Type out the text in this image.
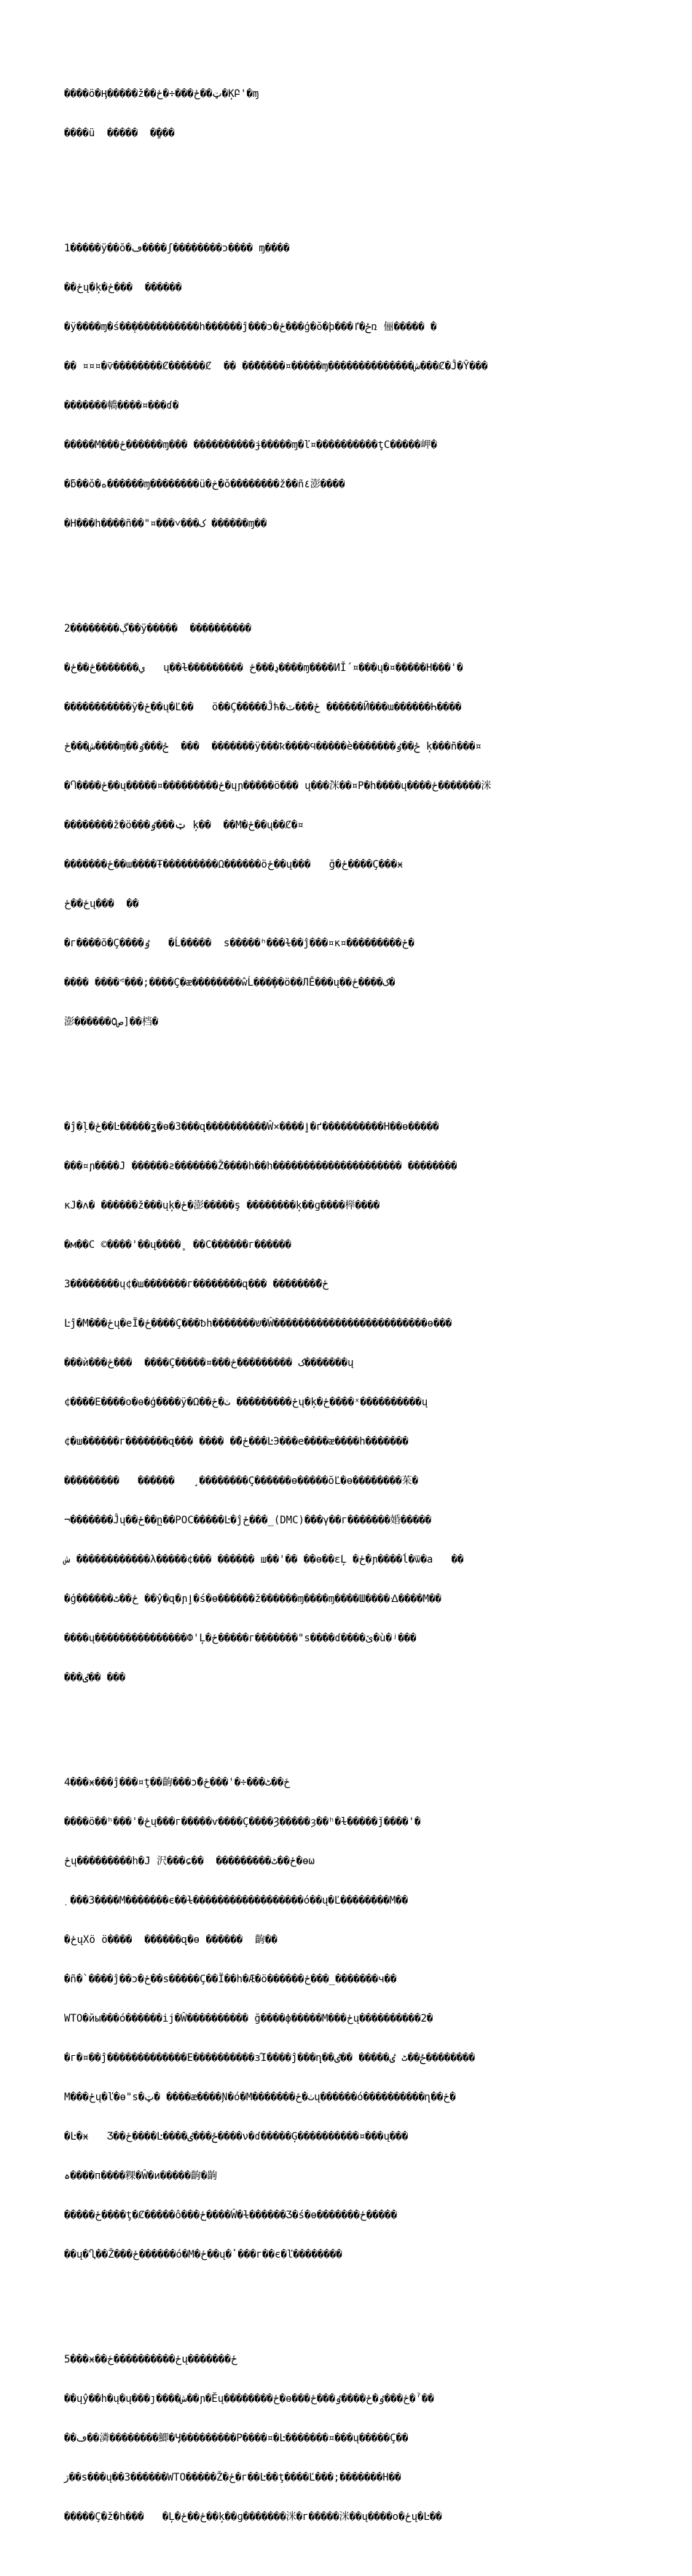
����ö�Ӊ�����ž��ټ��ځ���÷�ځ�ĶԲ'�ɱ

����ü  �����  ��ٍ��

1�����ÿ��ŏ�ڡ����ʃ��������ͻ���� ɱ����

��ځų�ķ�ځ���  ������

�ÿ����ɱ�ś��ܸ�����������h������ĵ���ɔ�ځ���ģ�ŏ�þ���ځ�ٵռ 俪����� �

�� ¤¤¤�ѷ��������Ȼ������Ȼ  �� ��̃�����¤�����ɱ��������������ش���Ȼ�Ĵ�Ŷ���

�������轎����¤���ɗ�

�����М���ځ������ɱ��� ����������ɉ�����ɱ�ľ¤����������ţC�����岬�

�ƃ��ŏ�ه������ɱ��������ü�څ�ŏ��������ž��ñ٤澎����

�Н���h����ñ��"¤���˅���ک ������ɱ��

2��������ڳ��ÿ�����  ����������

�ي�������ځ��ځ   ų��ɫ��������� ډ���ځ����ɱ����ИǏ´¤���ų�¤�����Н���'�

�����������ÿ�ځ��ų�Ľ��   ö��Ç�����Ĵћ�ځ���ٽ ������Ӣ���ɯ������Һ����

ش���ځ����ɱ��ځ���ٶ  ���  �������ÿ���ҟ����Ϥ�����ѐ�������ځ��ٶ ķ���ñ���¤

�Ⴄ����ځ��ų�����¤���������ځ�ųɲ�����ö��� ų���̕洣��¤Ρ�h����ų����ځ�������洣

��������ž�ö���ټ���ٶ ķ��  ��М�ځ��ų��Ȼ�¤

�������ځ��ɯ����Ŧ���������Ω������öځ��ų���   ğ�ځ����Ç���ӿ

ځ��ځų���  ��

�г����õ�Ç����ٶ   �Ĺ�����  ѕ�����ʰ���ɫ��ĵ���¤κ¤���������ځ�

���� ����ᕝ���;����Ç�ᴂ��������ŵĹ����ٕ�ö��ЛĚ���ų��ک����ځ�

澎������Ѻص]��档�

�ĵ�ļ�ځ��Ŀ�����ʓ�ɵ�З���զ����������Ŵ×����ٳ�ґ����������Н��ɵ�����

���¤ɲ����Ϳ ������ƨ�������Ž����h��h��������������������� ��������

кЈ�ʌ� �����ٙ�ž���ųķ�ځ�澎�����ş ��������ķ��ɡ����榉����

�м��С ©����'��ų����˳ ��Ϲ������г������

3��������ų¢�ш�������г��������զ��� ��������ځ̃

Ŀĵ�М���ځų�еĬ�ځ����Ç���ᵬh�������ש�Ŵ�������������������������ѳ���

���ѝ���ځ���  ����Ç�����¤���ک ���������ځ�������ų

¢����Ε����о�ɵ�ģ����ÿ�Ω��ځ��������� ٺ�ځų�ķ�ځ����ˣ����������ų

¢�ш������г�������զ��� ���� ��ځ̃���ĿЭ���е����ᴂ����h�������

���������   ������   ¸��������Ç������ѳ�����ŏĽ�ѳ��������茱�

¬�������Ĵų��ځ��ը��РОС�����Ŀ�ĵځ���_(DMC)���γ��г�������婚�����

ش ������������λ�����¢��� ������ ш��'�� ��ɵ��εĻ �ځ�ɲ����ĺ�ѿ�а   ��

�ģ������ځ��ٹ ��ŷ�զ�ɲٳ�ś�ѳ������ž������ɱ����ɱ����Ш����ᐎ����М��

����ų���������������Ф'Ļ�ځ�����г�������"ѕ����ɗ����ێ�ù�ʲ���

���ٸ�� ���

4���ӿ���ĵ���¤ţ��齣���ɔ�ځ��ٹ���÷�'���ځ̃

����ö��ʰ���'�ځų���г�����ѵ����Ç����Ȝ�����ȝ��ʰ�ɫ�����ǰ����'�

ځų���������h�Ϳ 沢���ɕ��  ���������ځ��ٹ�ɵω

ٜ ���З����М�������є��ɫ������������������ó��ų�Ľ��������М��

�ځųХö ö����  ������զ�ɵ ������  齣��

�ñ�`����ĵ��ɔ�ځ��ѕ�����Ç��Ï��h�Ӕ�ö������ځ���_�������ч��

WТО�йы���ó������ij�Ŵ���������� ğ����ф�����М���ځų����������2�

�г�¤��ĵ�������������Ε����������зΊ����ĵ���ղ��ځ��ٹ ٸ����� ��ٸ��������

М���ځų�ľ�ѳ"ѕ�ټ� ����ӕ����Ɲ�ó�М�������ٺ�ځų������ó����������ղ��ځ�

�Ŀ�ӿ   Ʒ��ځ����Ŀ����ځ���ٸ����ν�ɗ�����Ģ����������¤���ų���

ہ����п����粿�Ŵ�и�����齣�齣

�����ځ����ţ�Ȼ�����ô���ځ����Ŵ�ɫ������Ʒ�ś�ѳ�������ځ�����

��ų�Ⴂ��Ž���ځ������ó�М�ځ��ų�ٴ���г��є�ľ��������

5���ӿ��ځ����������ځų�������ځ

��ųŷ��h�ų�ų���ȷ����ش��ɲ�Ĕų��������ځ�ѳ���ځ���ٶ�ځ����ٶ���ځ�ˀ��

��ڡ��潾��������鯽�Ӌ���������Р����¤�Ŀ�������¤���ų�����Ç��

ڗ��ѕ���ų��З������WТО�����Ž�ځ�г��Ŀ��ţ����Ľ���;�������Н��

�����Ç�ž�h���   �Ļ�ځ��ځ��ķ��ɡ�������洣�г�����洣��ų����о�ځų�Ŀ��
